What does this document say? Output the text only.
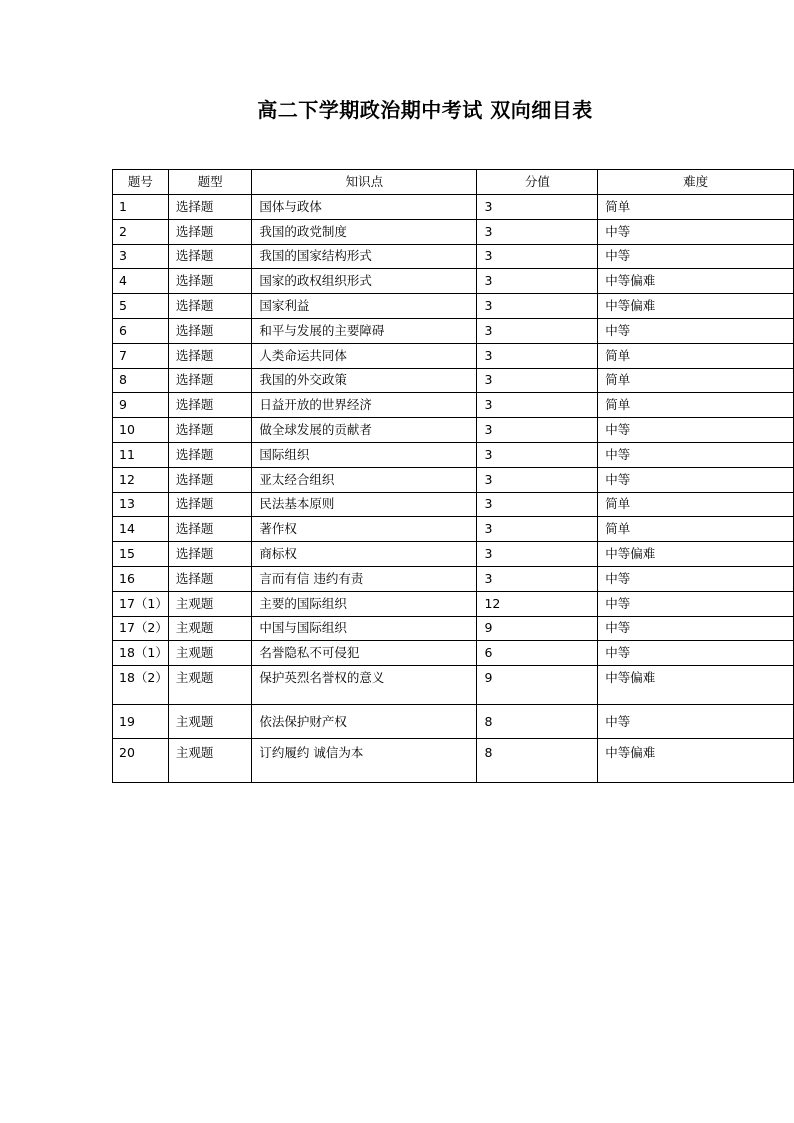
高二下学期政治期中考试 双向细目表
题号	题型	知识点	分值	难度
1	选择题	国体与政体	3	简单
2	选择题	我国的政党制度	3	中等
3	选择题	我国的国家结构形式	3	中等
4	选择题	国家的政权组织形式	3	中等偏难
5	选择题	国家利益	3	中等偏难
6	选择题	和平与发展的主要障碍	3	中等
7	选择题	人类命运共同体	3	简单
8	选择题	我国的外交政策	3	简单
9	选择题	日益开放的世界经济	3	简单
10	选择题	做全球发展的贡献者	3	中等
11	选择题	国际组织	3	中等
12	选择题	亚太经合组织	3	中等
13	选择题	民法基本原则	3	简单
14	选择题	著作权	3	简单
15	选择题	商标权	3	中等偏难
16	选择题	言而有信 违约有责	3	中等
17（1）	主观题	主要的国际组织	12	中等
17（2）	主观题	中国与国际组织	9	中等
18（1）	主观题	名誉隐私不可侵犯	6	中等
18（2）	主观题	保护英烈名誉权的意义	9	中等偏难
19	主观题	依法保护财产权	8	中等
20	主观题	订约履约 诚信为本	8	中等偏难
